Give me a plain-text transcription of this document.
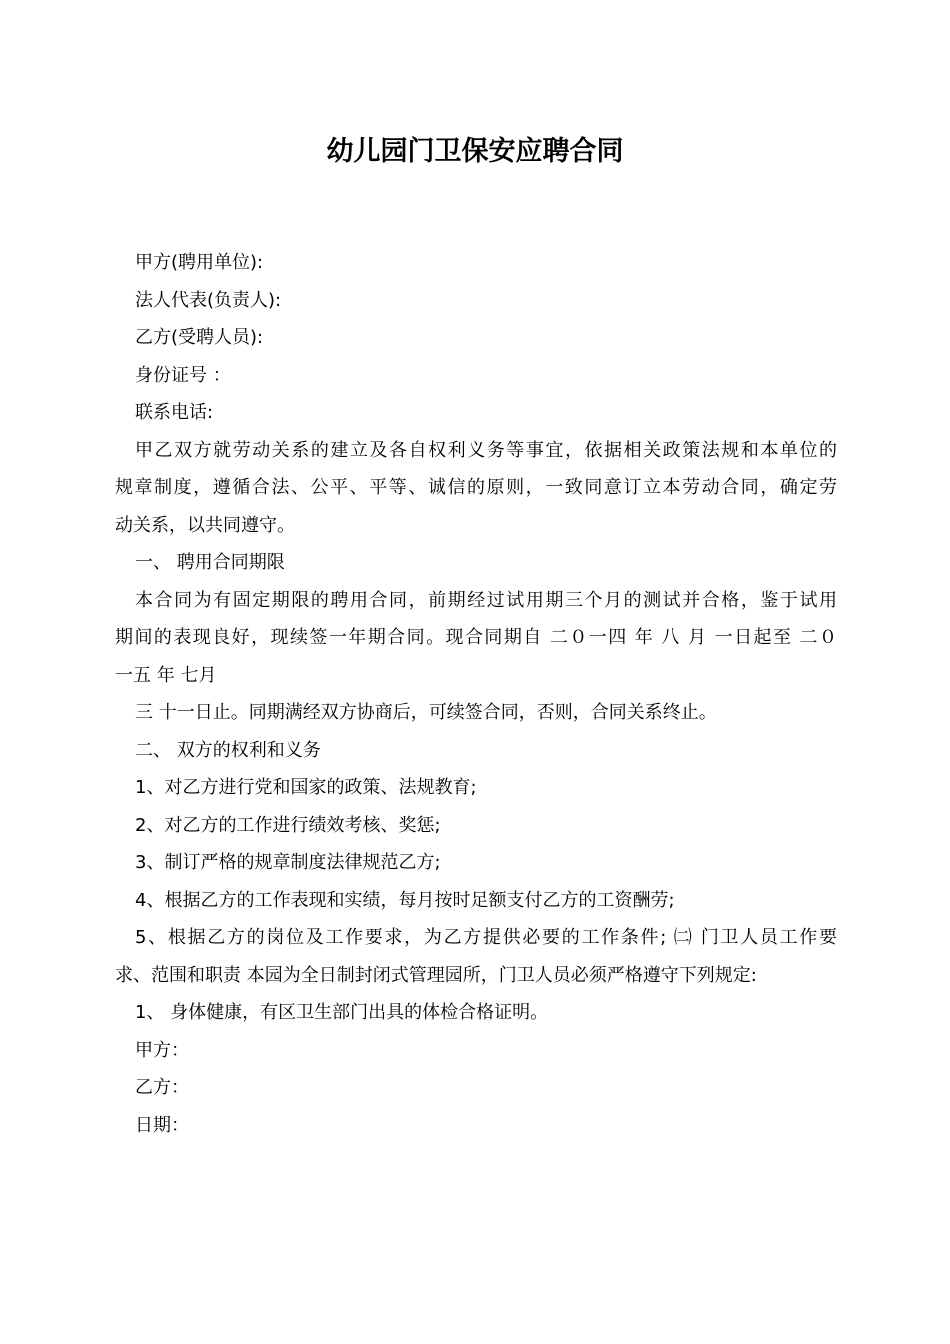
幼儿园门卫保安应聘合同
甲方(聘用单位):
法人代表(负责人):
乙方(受聘人员):
身份证号 ：
联系电话:
甲乙双方就劳动关系的建立及各自权利义务等事宜，依据相关政策法规和本单位的
规章制度，遵循合法、公平、平等、诚信的原则，一致同意订立本劳动合同，确定劳
动关系，以共同遵守。
一、 聘用合同期限
本合同为有固定期限的聘用合同，前期经过试用期三个月的测试并合格，鉴于试用
期间的表现良好，现续签一年期合同。现合同期自 二０一四 年 八 月 一日起至 二０
一五 年 七月
三 十一日止。同期满经双方协商后，可续签合同，否则，合同关系终止。
二、 双方的权利和义务
1、对乙方进行党和国家的政策、法规教育;
2、对乙方的工作进行绩效考核、奖惩;
3、制订严格的规章制度法律规范乙方;
4、根据乙方的工作表现和实绩，每月按时足额支付乙方的工资酬劳;
5、根据乙方的岗位及工作要求，为乙方提供必要的工作条件; ㈡ 门卫人员工作要
求、范围和职责 本园为全日制封闭式管理园所，门卫人员必须严格遵守下列规定:
1、 身体健康，有区卫生部门出具的体检合格证明。
甲方：
乙方：
日期：
